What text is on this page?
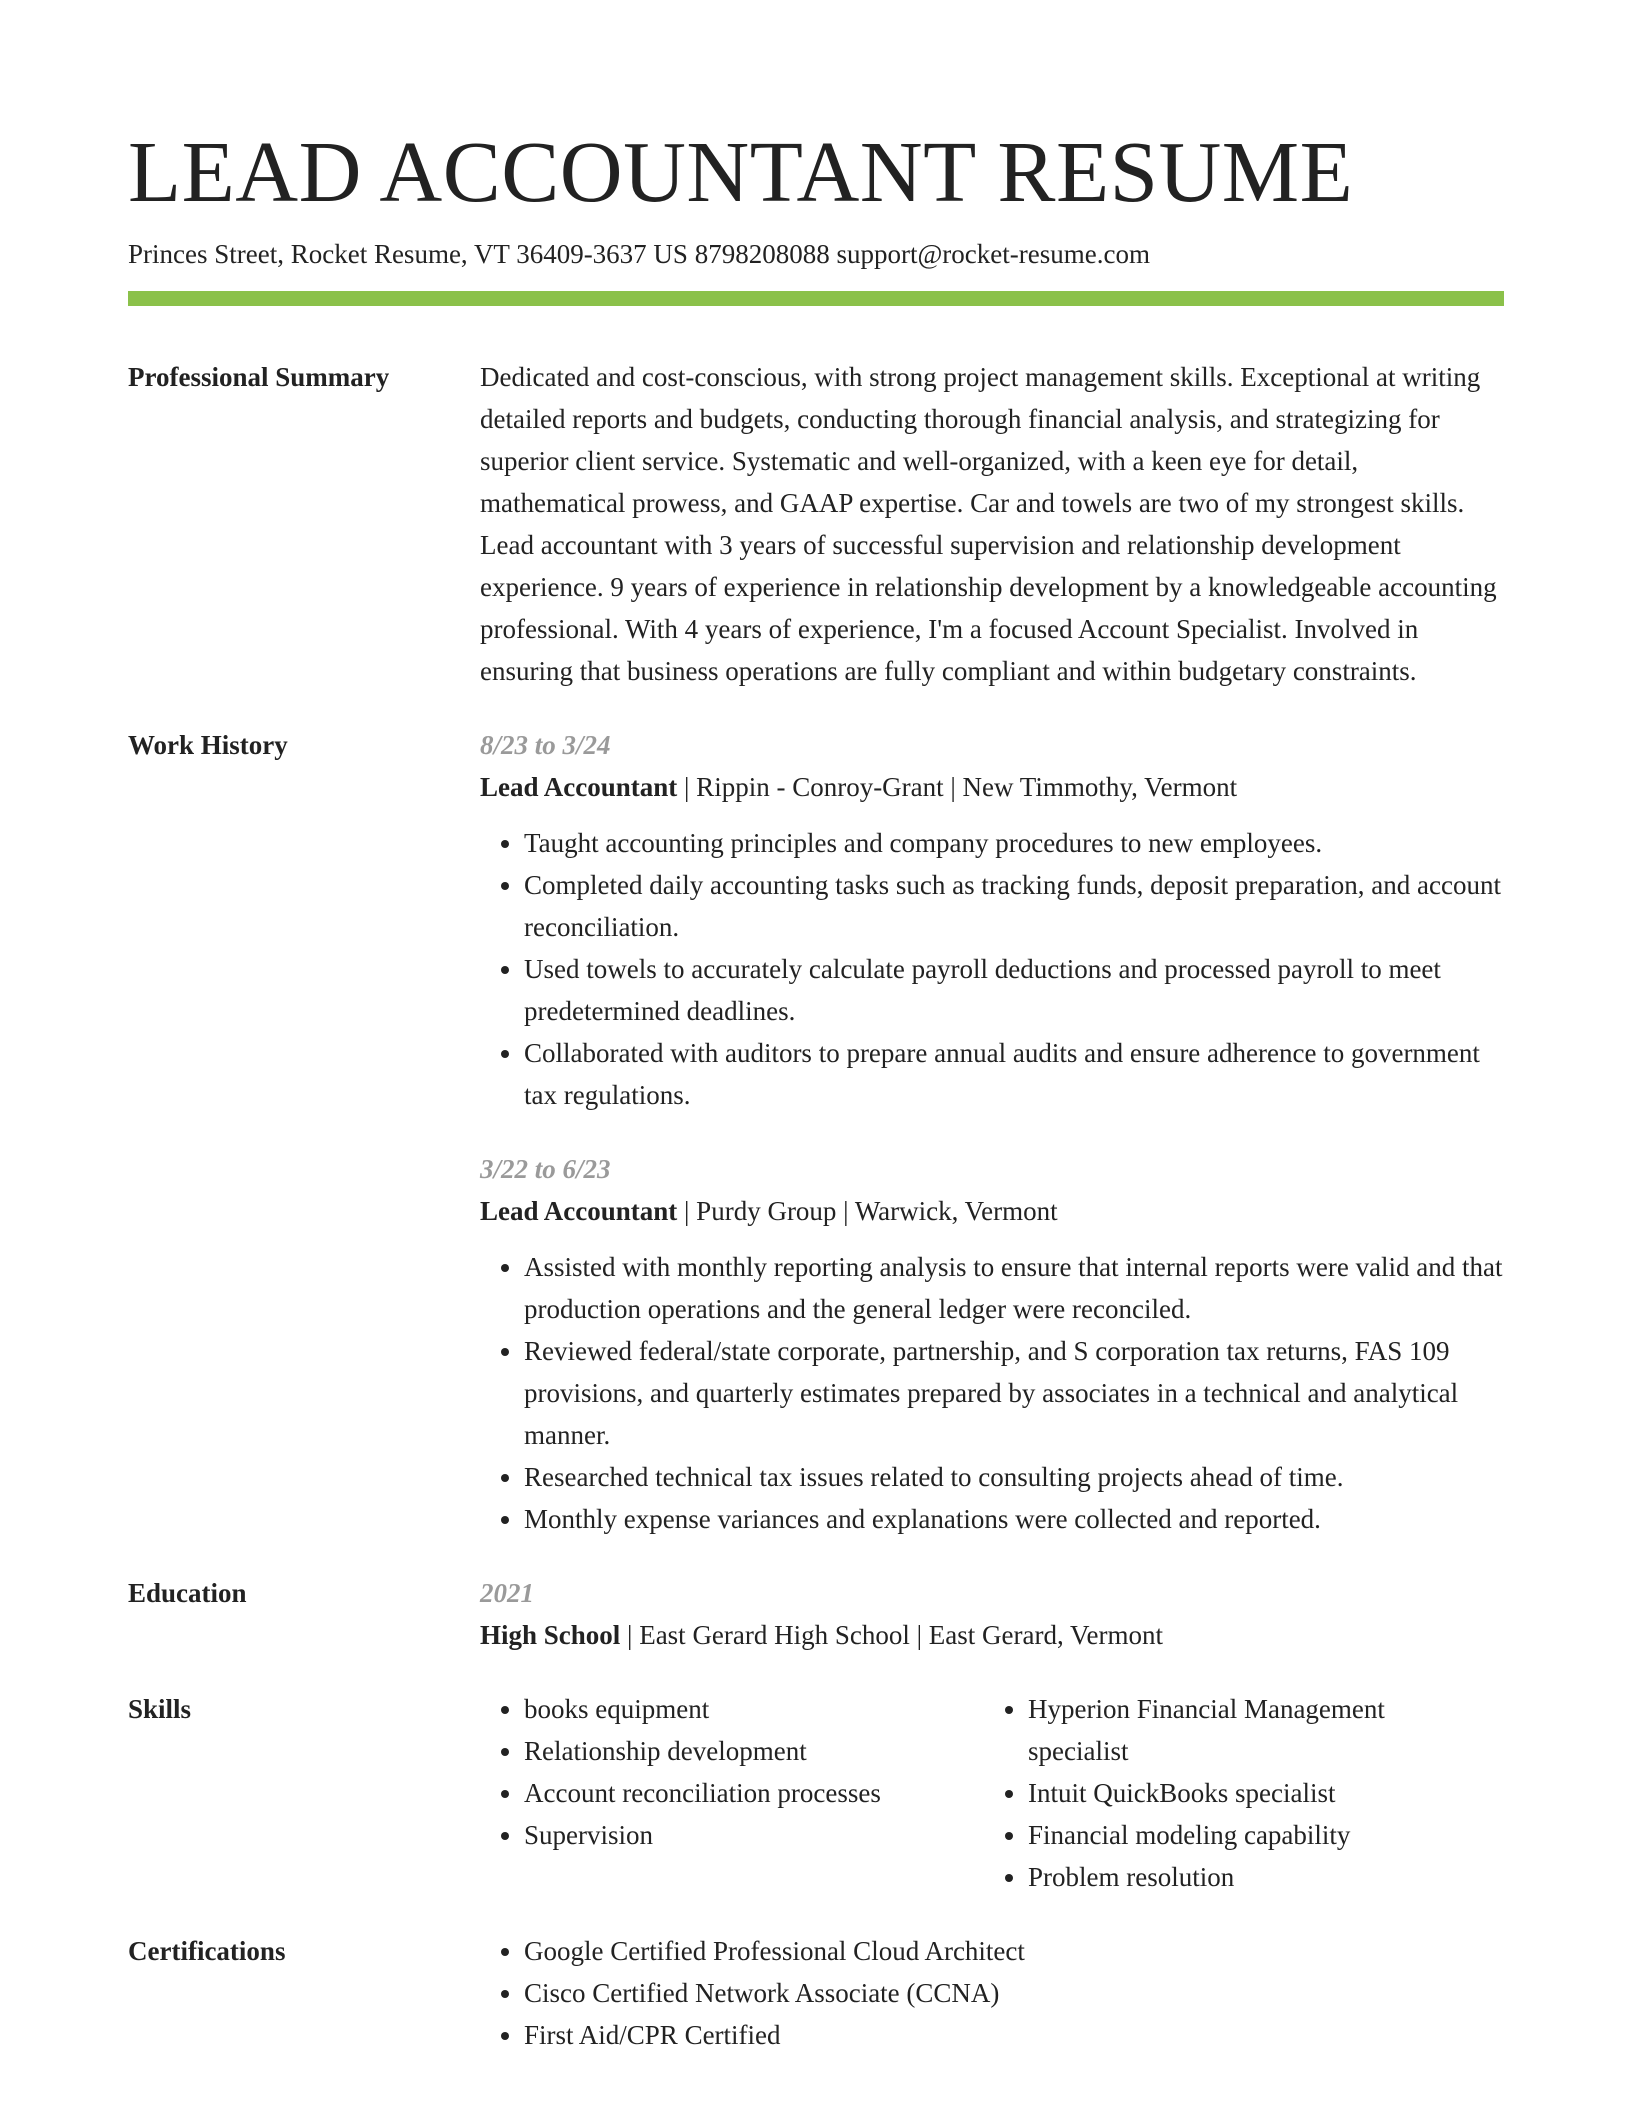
LEAD ACCOUNTANT RESUME
Princes Street, Rocket Resume, VT 36409-3637 US 8798208088 support@rocket-resume.com
Professional Summary	Dedicated and cost-conscious, with strong project management skills. Exceptional at writing detailed reports and budgets, conducting thorough financial analysis, and strategizing for superior client service. Systematic and well-organized, with a keen eye for detail, mathematical prowess, and GAAP expertise. Car and towels are two of my strongest skills. Lead accountant with 3 years of successful supervision and relationship development experience. 9 years of experience in relationship development by a knowledgeable accounting professional. With 4 years of experience, I'm a focused Account Specialist. Involved in ensuring that business operations are fully compliant and within budgetary constraints.
Work History	8/23 to 3/24
Lead Accountant | Rippin - Conroy-Grant | New Timmothy, Vermont
• Taught accounting principles and company procedures to new employees.
• Completed daily accounting tasks such as tracking funds, deposit preparation, and account reconciliation.
• Used towels to accurately calculate payroll deductions and processed payroll to meet predetermined deadlines.
• Collaborated with auditors to prepare annual audits and ensure adherence to government tax regulations.
3/22 to 6/23
Lead Accountant | Purdy Group | Warwick, Vermont
• Assisted with monthly reporting analysis to ensure that internal reports were valid and that production operations and the general ledger were reconciled.
• Reviewed federal/state corporate, partnership, and S corporation tax returns, FAS 109 provisions, and quarterly estimates prepared by associates in a technical and analytical manner.
• Researched technical tax issues related to consulting projects ahead of time.
• Monthly expense variances and explanations were collected and reported.
Education	2021
High School | East Gerard High School | East Gerard, Vermont
Skills	• books equipment
• Relationship development
• Account reconciliation processes
• Supervision
• Hyperion Financial Management specialist
• Intuit QuickBooks specialist
• Financial modeling capability
• Problem resolution
Certifications	• Google Certified Professional Cloud Architect
• Cisco Certified Network Associate (CCNA)
• First Aid/CPR Certified
